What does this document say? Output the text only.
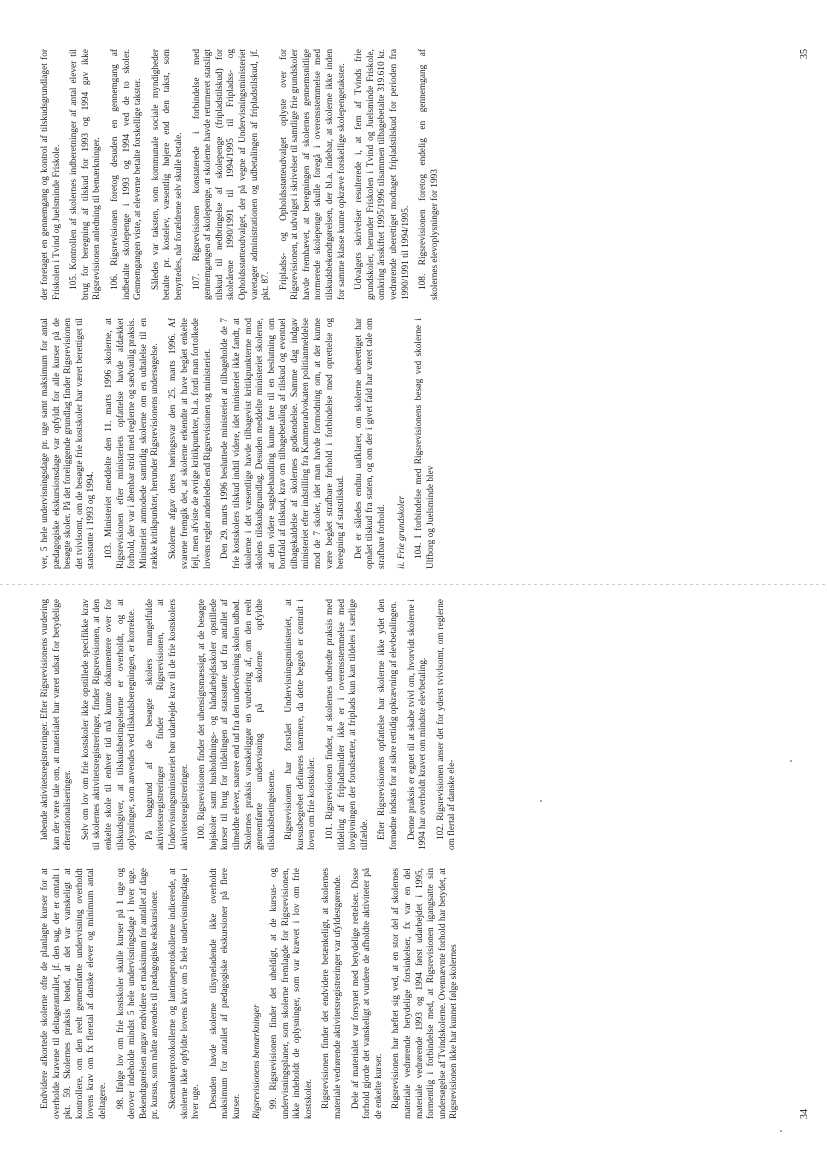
Endvidere afkortede skolerne ofte de planlagte kurser for at overholde kravene til deltagerantallet, jf. den sag, der er omtalt i pkt. 59. Skolernes praksis betød, at det var vanskeligt at kontrollere, om den reelt gennemførte undervisning overholdt lovens krav om fx fleretal af danske elever og minimum antal deltagere. 98. Ifølge lov om frie kostskoler skulle kurser på 1 uge og derover indeholde mindst 5 hele undervisningsdage i hver uge. Bekendtgørelsen angav endvidere et maksimum for antallet af dage pr. kursus, som måtte anvendes til pædagogiske ekskursioner. Skemaløreprotokollerne og lantimeprotokollerne indicerede, at skolerne ikke opfyldte lovens krav om 5 hele undervisningsdage i hver uge. Desuden havde skolerne tilsyneladende ikke overholdt maksimum for antallet af pædagogiske ekskursioner på flere kurser. Rigsrevisionens bemærkninger 99. Rigsrevisionen finder det uheldigt, at de kursus- og undervisningsplaner, som skolerne fremlagde for Rigsrevisionen, ikke indeholdt de oplysninger, som var krævet i lov om frie kostskoler. Rigsrevisionen finder det endvidere betænkeligt, at skolernes materiale vedrørende aktivitetsregistreringer var ufyldestgørende. Dele af materialet var forsynet med betydelige rettelser. Disse forhold gjorde det vanskeligt at vurdere de afholdte aktiviteter på de enkelte kurser. Rigsrevisionen har hæftet sig ved, at en stor del af skolernes materiale vedrørende betydelige forsinkelser, fx var en del materiale vedrørende 1993 og 1994 først udarbejdet i 1995, formentlig i forbindelse med, at Rigsrevisionen igangsatte sin undersøgelse af Tvindskolerne. Ovennævnte forhold har betydet, at Rigsrevisionen ikke har kunnet følge skolernes

løbende aktivitetsregistreringer. Efter Rigsrevisionens vurdering kan der være tale om, at materialet har været udsat for betydelige efterrationaliseringer. Selv om lov om frie kostskoler ikke opstillede specifikke krav til skolernes aktivitetsregistreringer, finder Rigsrevisionen, at den enkelte skole til enhver tid må kunne dokumentere over for tilskudsgiver, at tilskudsbetingelserne er overholdt, og at oplysninger, som anvendes ved tilskudsberegningen, er korrekte. På baggrund af de besøgte skolers mangelfulde aktivitetsregistreringer finder Rigsrevisionen, at Undervisningsministeriet bør udarbejde krav til de frie kostskolers aktivitetsregistreringer. 100. Rigsrevisionen finder det uhensigtsmæssigt, at de besøgte højskoler samt husholdnings- og håndarbejdsskoler opstillede kurser til brug for tildelingen af statsstøtte ud fra antallet af tilmeldte elever, snarere end ud fra den undervisning skolen udbød. Skolernes praksis vanskeliggør en vurdering af, om den reelt gennemførte undervisning på skolerne opfyldte tilskudsbetingelserne. Rigsrevisionen har forstået Undervisningsministeriet, at kursusbegrebet defineres nærmere, da dette begreb er centralt i loven om frie kostskoler. 101. Rigsrevisionen finder, at skolernes udbredte praksis med tildeling af fripladsmidler ikke er i overensstemmelse med lovgivningen der forudsætter, at friplads kun kan tildeles i særlige tilfælde. Efter Rigsrevisionens opfattelse har skolerne ikke ydet den fornødne indsats for at sikre rettidig opkrævning af elevbetalingen. Denne praksis er egnet til at skabe tvivl om, hvorvidt skolerne i 1994 har overholdt kravet om mindste elevbetaling. 102. Rigsrevisionen anser det for yderst tvivlsomt, om reglerne om flertal af danske ele-

34

ver, 5 hele undervisningsdage pr. uge samt maksimum for antal pædagogiske ekskursionsdage var opfyldt for alle kurser på de besøgte skoler. På det foreliggende grundlag finder Rigsrevisionen det tvivlsomt, om de besøgte frie kostskoler har været berettiget til statsstøtte i 1993 og 1994. 103. Ministeriet meddelte den 11. marts 1996 skolerne, at Rigsrevisionen efter ministeriets opfattelse havde afdækket forhold, der var i åbenbar strid med reglerne og sædvanlig praksis. Ministeriet anmodede samtidig skolerne om en udtalelse til en række kritikpunkter, herunder Rigsrevisionens undersøgelse. Skolerne afgav deres høringssvar den 25. marts 1996. Af svarene fremgik det, at skolerne erkendte at have begået enkelte fejl, men afviste de øvrige kritikpunkter, bl.a. fordi man fortolkede lovens regler anderledes end Rigsrevisionen og ministeriet. Den 29. marts 1996 besluttede ministeriet at tilbageholde de 7 frie kostskolers tilskud indtil videre, idet ministeriet ikke fandt, at skolerne i det væsentlige havde tilbagevist kritikpunkterne mod skolens tilskudsgrundlag. Desuden meddelte ministeriet skolerne, at den videre sagsbehandling kunne føre til en beslutning om bortfald af tilskud, krav om tilbagebetaling af tilskud og eventuel tilbagekaldelse af skolernes godkendelse. Samme dag indgav ministeriet efter indstilling fra Kammeradvokaten politianmeldelse mod de 7 skoler, idet man havde formodning om, at der kunne være begået strafbare forhold i forbindelse med oprettelse og beregning af statstilskud. Det er således endnu uafklaret, om skolerne uberettiget har opnået tilskud fra staten, og om der i givet fald har været tale om strafbare forhold. ii. Frie grundskoler 104. I forbindelse med Rigsrevisionens besøg ved skolerne i Ulfborg og Juelsminde blev

der foretaget en gennemgang og kontrol af tilskudsgrundlaget for Friskolen i Tvind og Juelsminde Friskole. 105. Kontrollen af skolernes indberetninger af antal elever til brug for beregning af tilskud for 1993 og 1994 gav ikke Rigsrevisionen anledning til bemærkninger. 106. Rigsrevisionen foretog desuden en gennemgang af indbetalte skolepenge i 1993 og 1994 ved de to skoler. Gennemgangen viste, at eleverne betalte forskellige takster. Således var taksten, som kommunale sociale myndigheder betalte pr. kostelev, væsentlig højere end den takst, som benyttedes, når forældrene selv skulle betale. 107. Rigsrevisionen konstaterede i forbindelse med gennemgangen af skolepenge, at skolerne havde returneret statsligt tilskud til nedbringelse af skolepenge (fripladstilskud) for skoleårene 1990/1991 til 1994/1995 til Fripladss- og Opholdsstøtteudvalget, der på vegne af Undervisningsministeriet varetager administrationen og udbetalingen af fripladstilskud, jf. pkt. 87. Fripladss- og Opholdsstøtteudvalget oplyste over for Rigsrevisionen, at udvalget i skrivelser til samtlige frie grundskoler havde fremhævet, at beregningen af skolernes gennemsnitlige normerede skolepenge skulle foregå i overensstemmelse med tilskudsbekendtgørelsen, der bl.a. indebar, at skolerne ikke inden for samme klasse kunne opkræve forskellige skolepengetakster. Udvalgets skrivelser resulterede i, at fem af Tvinds frie grundskoler, herunder Friskolen i Tvind og Juelsminde Friskole, omkring årsskiftet 1995/1996 tilsammen tilbagebetalte 319.610 kr. vedrørende uberettiget modtaget fripladstilskud for perioden fra 1990/1991 til 1994/1995. 108. Rigsrevisionen foretog endelig en gennemgang af skolernes elevoplysninger for 1993

35
